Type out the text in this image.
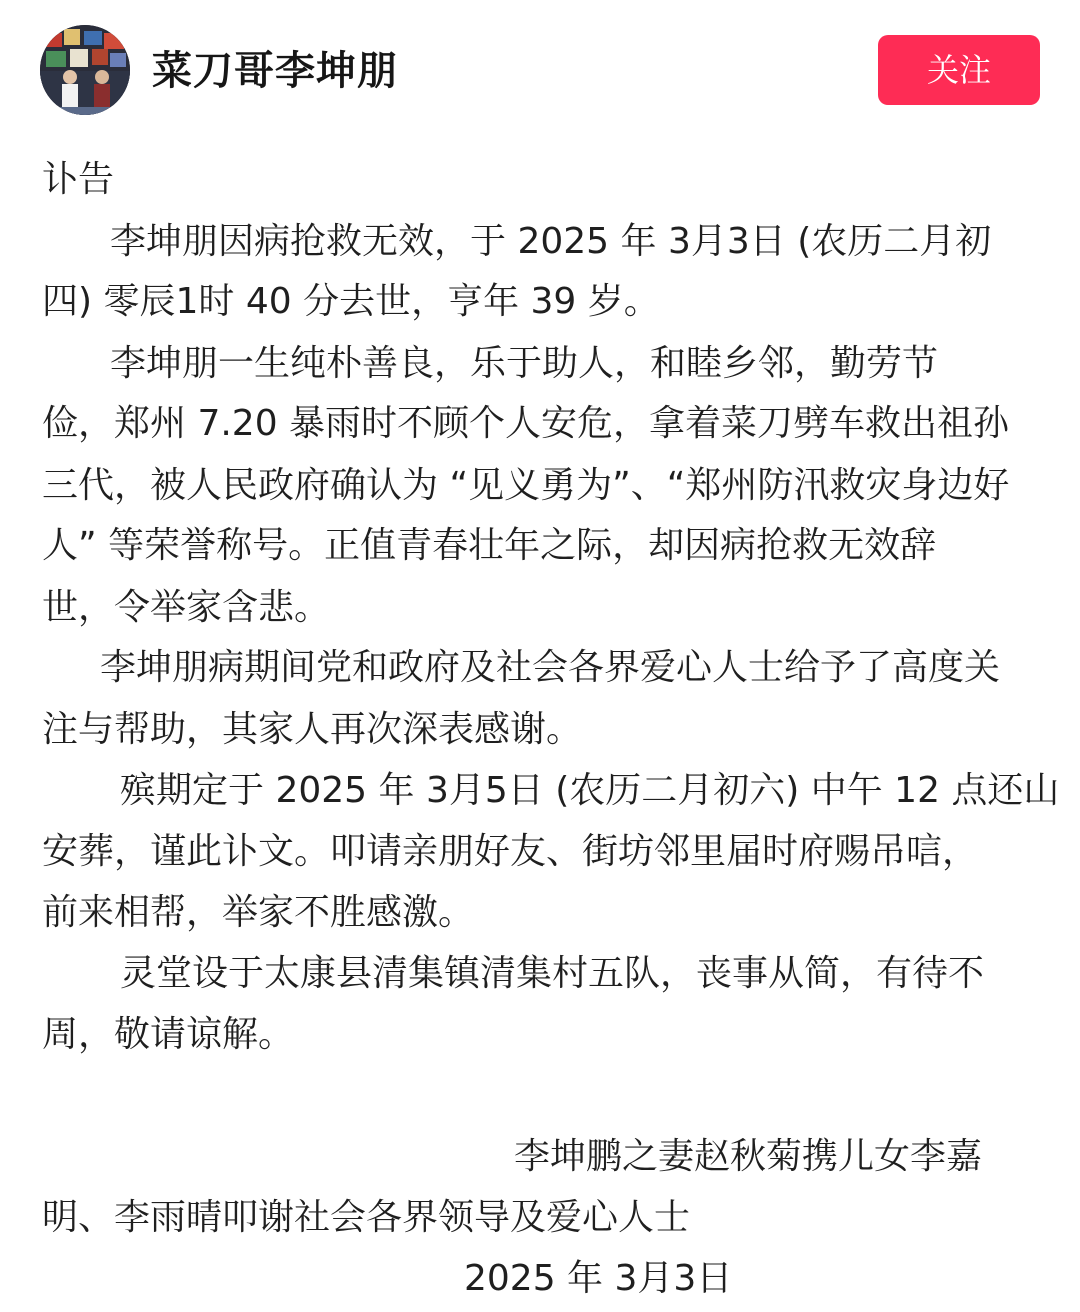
菜刀哥李坤朋	关注
讣告
李坤朋因病抢救无效，于 2025 年 3月3日 (农历二月初
四) 零辰1时 40 分去世，亨年 39 岁。
李坤朋一生纯朴善良，乐于助人，和睦乡邻，勤劳节
俭，郑州 7.20 暴雨时不顾个人安危，拿着菜刀劈车救出祖孙
三代，被人民政府确认为 “见义勇为”、“郑州防汛救灾身边好
人” 等荣誉称号。正值青春壮年之际，却因病抢救无效辞
世，令举家含悲。
李坤朋病期间党和政府及社会各界爱心人士给予了高度关
注与帮助，其家人再次深表感谢。
殡期定于 2025 年 3月5日 (农历二月初六) 中午 12 点还山
安葬，谨此讣文。叩请亲朋好友、街坊邻里届时府赐吊唁，
前来相帮，举家不胜感激。
灵堂设于太康县清集镇清集村五队，丧事从简，有待不
周，敬请谅解。
李坤鹏之妻赵秋菊携儿女李嘉
明、李雨晴叩谢社会各界领导及爱心人士
2025 年 3月3日
